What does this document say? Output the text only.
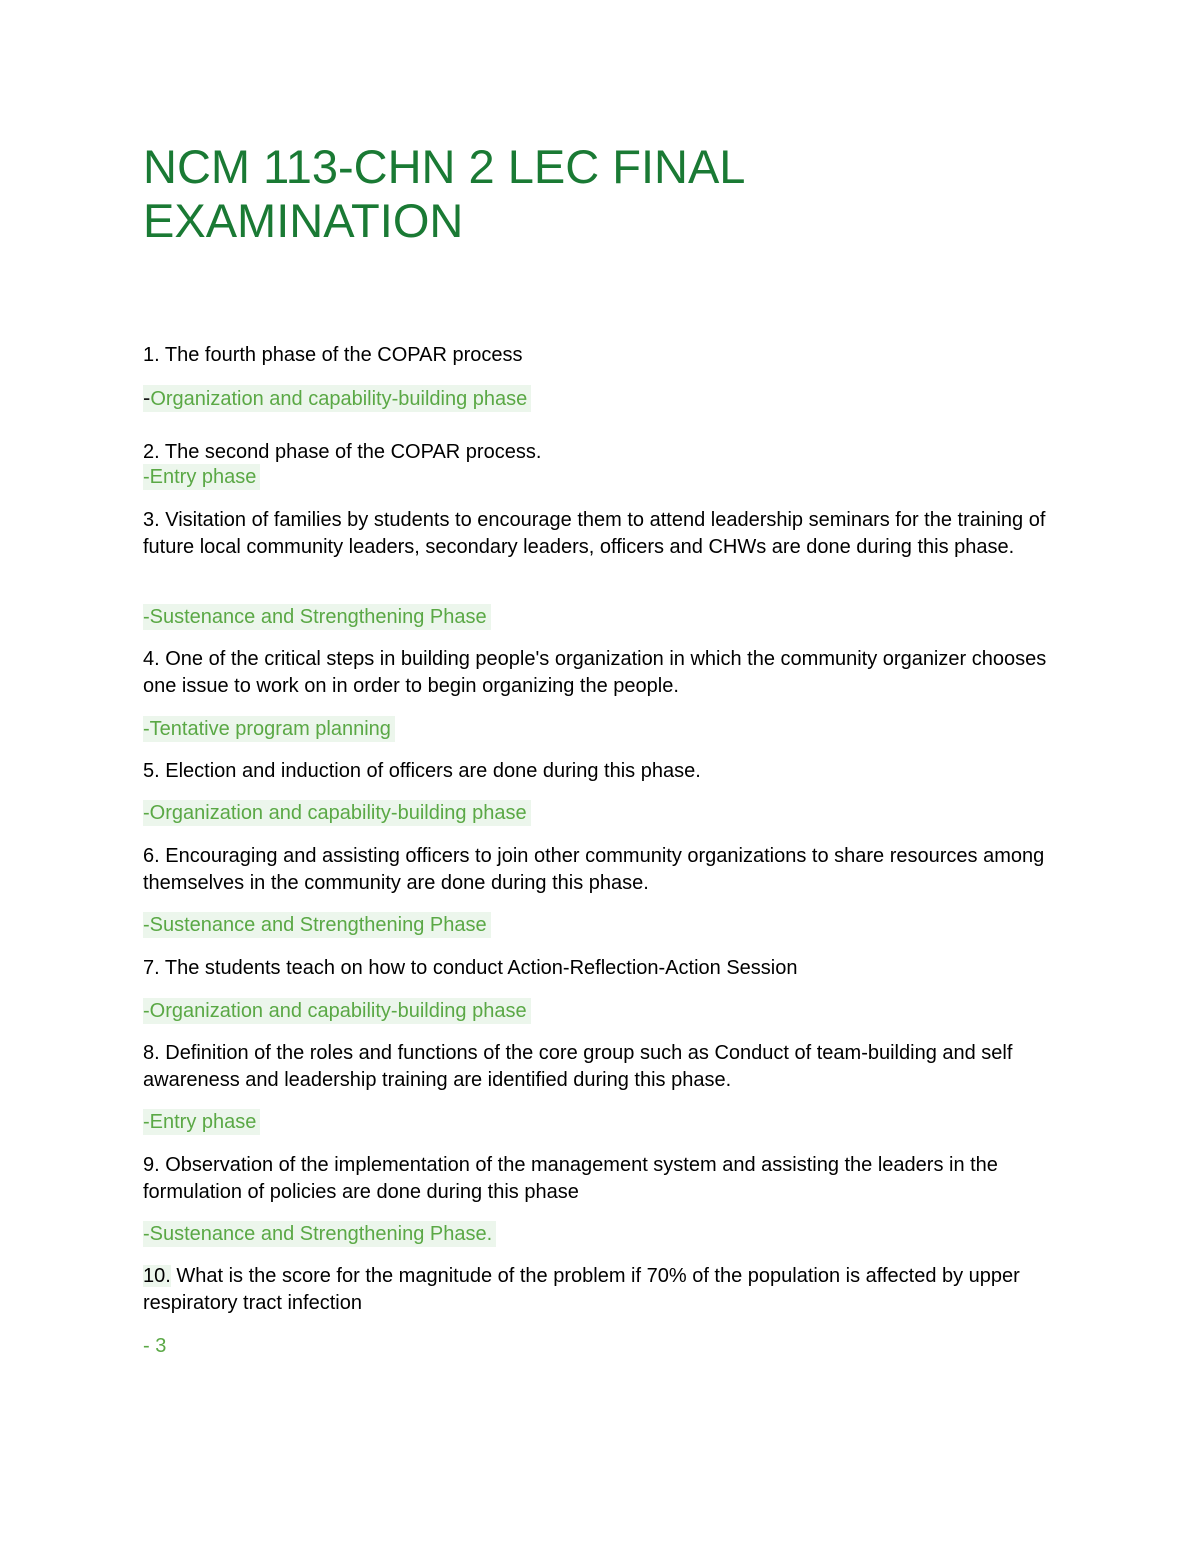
NCM 113-CHN 2 LEC FINAL EXAMINATION

1. The fourth phase of the COPAR process

-Organization and capability-building phase

2. The second phase of the COPAR process.

-Entry phase

3. Visitation of families by students to encourage them to attend leadership seminars for the training of future local community leaders, secondary leaders, officers and CHWs are done during this phase.

-Sustenance and Strengthening Phase

4. One of the critical steps in building people's organization in which the community organizer chooses one issue to work on in order to begin organizing the people.

-Tentative program planning

5. Election and induction of officers are done during this phase.

-Organization and capability-building phase

6. Encouraging and assisting officers to join other community organizations to share resources among themselves in the community are done during this phase.

-Sustenance and Strengthening Phase

7. The students teach on how to conduct Action-Reflection-Action Session

-Organization and capability-building phase

8. Definition of the roles and functions of the core group such as Conduct of team-building and self awareness and leadership training are identified during this phase.

-Entry phase

9. Observation of the implementation of the management system and assisting the leaders in the formulation of policies are done during this phase

-Sustenance and Strengthening Phase.

10. What is the score for the magnitude of the problem if 70% of the population is affected by upper respiratory tract infection

- 3
